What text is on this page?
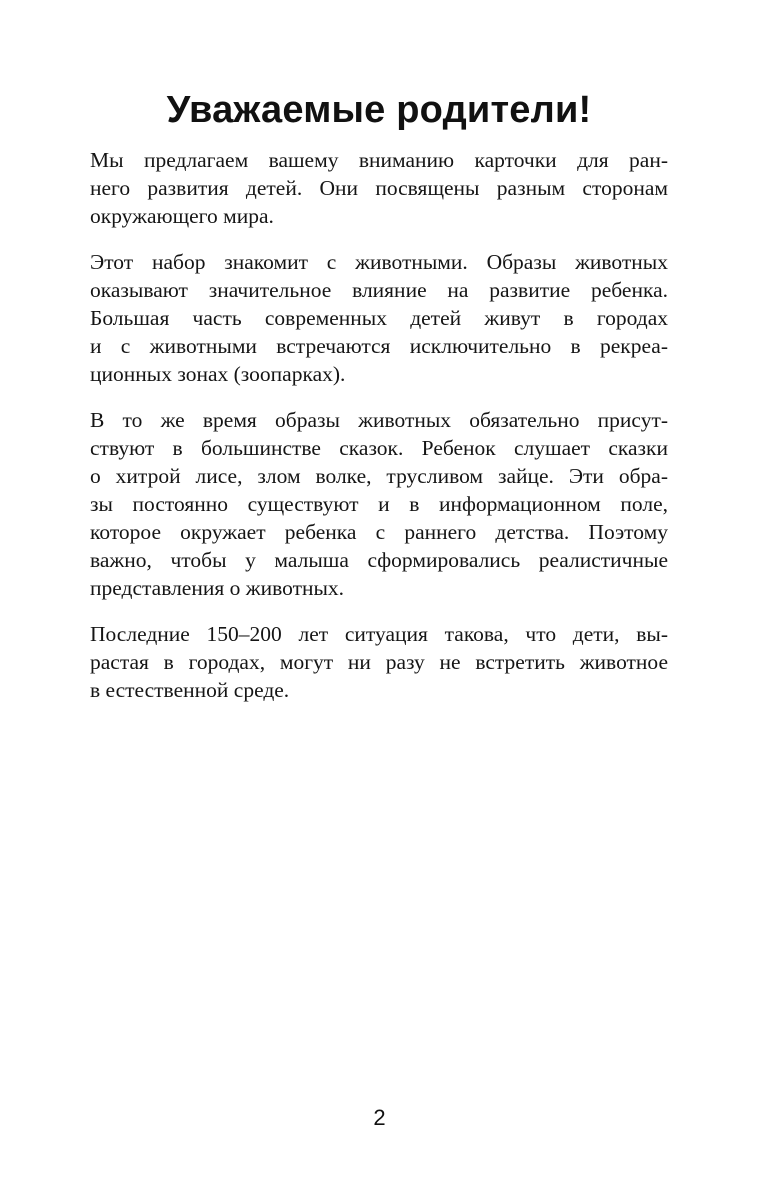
Уважаемые родители!

Мы предлагаем вашему вниманию карточки для ран-
него развития детей. Они посвящены разным сторонам
окружающего мира.

Этот набор знакомит с животными. Образы животных
оказывают значительное влияние на развитие ребенка.
Большая часть современных детей живут в городах
и с животными встречаются исключительно в рекреа-
ционных зонах (зоопарках).

В то же время образы животных обязательно присут-
ствуют в большинстве сказок. Ребенок слушает сказки
о хитрой лисе, злом волке, трусливом зайце. Эти обра-
зы постоянно существуют и в информационном поле,
которое окружает ребенка с раннего детства. Поэтому
важно, чтобы у малыша сформировались реалистичные
представления о животных.

Последние 150–200 лет ситуация такова, что дети, вы-
растая в городах, могут ни разу не встретить животное
в естественной среде.

2
